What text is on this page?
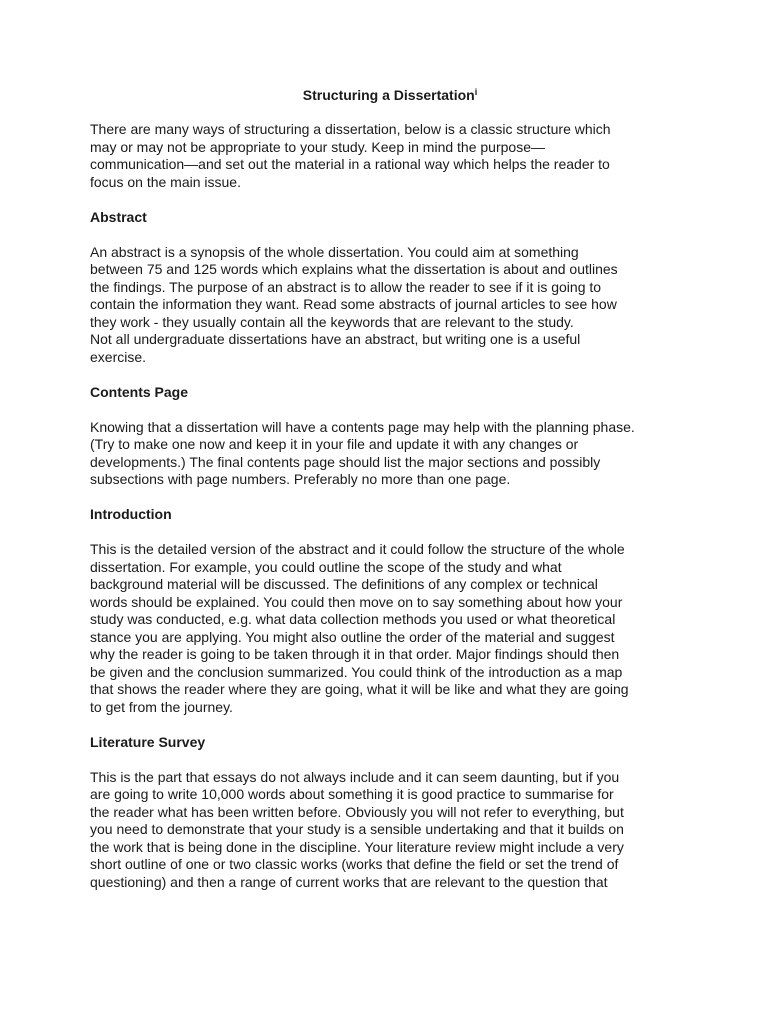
Structuring a Dissertation$^i$
There are many ways of structuring a dissertation, below is a classic structure which
may or may not be appropriate to your study. Keep in mind the purpose—
communication—and set out the material in a rational way which helps the reader to
focus on the main issue.
Abstract
An abstract is a synopsis of the whole dissertation. You could aim at something
between 75 and 125 words which explains what the dissertation is about and outlines
the findings. The purpose of an abstract is to allow the reader to see if it is going to
contain the information they want. Read some abstracts of journal articles to see how
they work - they usually contain all the keywords that are relevant to the study.
Not all undergraduate dissertations have an abstract, but writing one is a useful
exercise.
Contents Page
Knowing that a dissertation will have a contents page may help with the planning phase.
(Try to make one now and keep it in your file and update it with any changes or
developments.) The final contents page should list the major sections and possibly
subsections with page numbers. Preferably no more than one page.
Introduction
This is the detailed version of the abstract and it could follow the structure of the whole
dissertation. For example, you could outline the scope of the study and what
background material will be discussed. The definitions of any complex or technical
words should be explained. You could then move on to say something about how your
study was conducted, e.g. what data collection methods you used or what theoretical
stance you are applying. You might also outline the order of the material and suggest
why the reader is going to be taken through it in that order. Major findings should then
be given and the conclusion summarized. You could think of the introduction as a map
that shows the reader where they are going, what it will be like and what they are going
to get from the journey.
Literature Survey
This is the part that essays do not always include and it can seem daunting, but if you
are going to write 10,000 words about something it is good practice to summarise for
the reader what has been written before. Obviously you will not refer to everything, but
you need to demonstrate that your study is a sensible undertaking and that it builds on
the work that is being done in the discipline. Your literature review might include a very
short outline of one or two classic works (works that define the field or set the trend of
questioning) and then a range of current works that are relevant to the question that
